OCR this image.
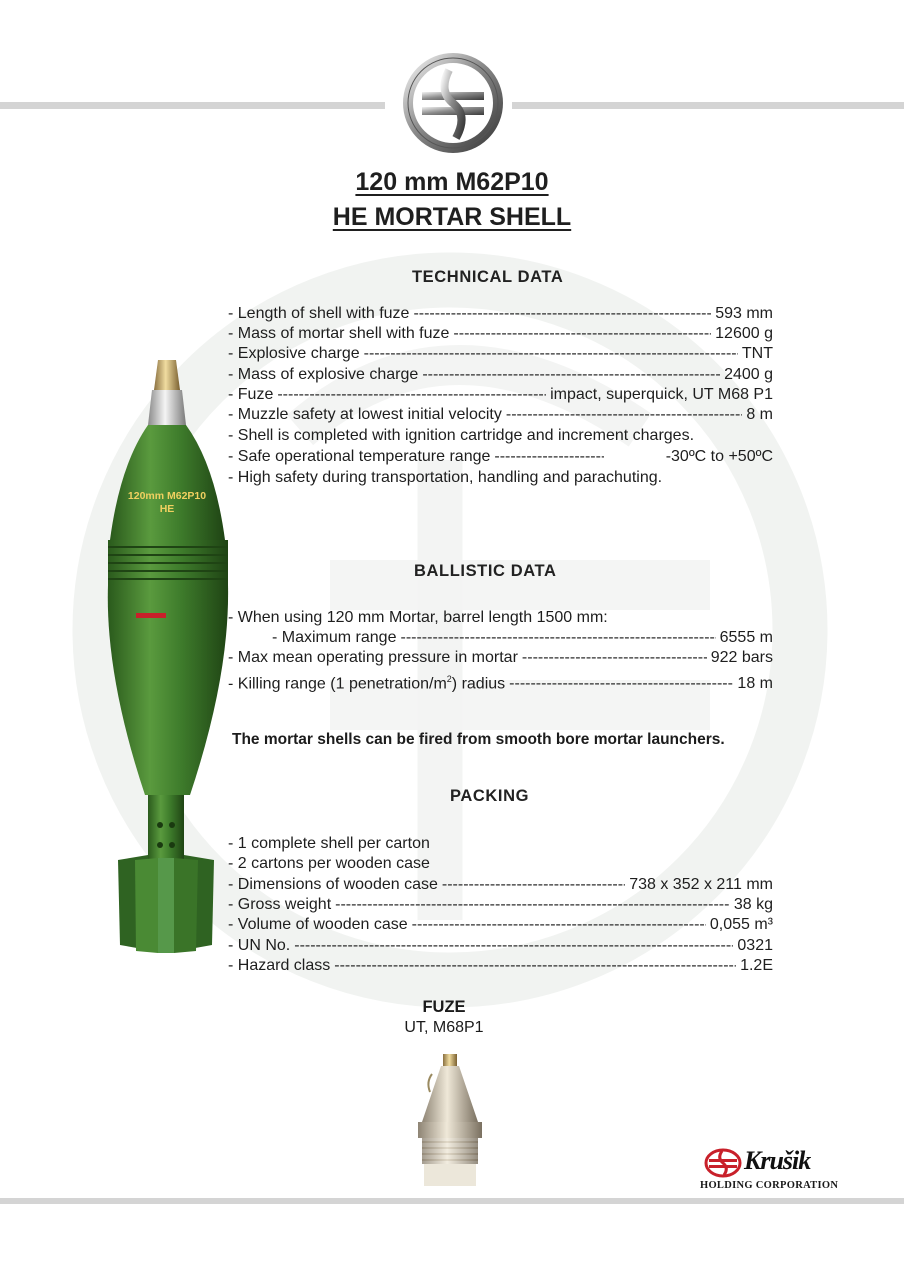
120 mm M62P10
HE MORTAR SHELL
120mm M62P10
HE
TECHNICAL DATA
- Length of shell with fuze -----	593 mm
- Mass of mortar shell with fuze -----	12600 g
- Explosive charge -----	TNT
- Mass of explosive charge -----	2400 g
- Fuze -----	impact, superquick, UT M68 P1
- Muzzle safety at lowest initial velocity -----	8 m
- Shell is completed with ignition cartridge and increment charges.
- Safe operational temperature range -----	-30ºC to +50ºC
- High safety during transportation, handling and parachuting.
BALLISTIC DATA
- When using 120 mm Mortar, barrel length 1500 mm:
- Maximum range -----	6555 m
- Max mean operating pressure in mortar -----	922 bars
- Killing range (1 penetration/$m^2$) radius -----	18 m
The mortar shells can be fired from smooth bore mortar launchers.
PACKING
- 1 complete shell per carton
- 2 cartons per wooden case
- Dimensions of wooden case -----	738 x 352 x 211 mm
- Gross weight -----	38 kg
- Volume of wooden case -----	0,055 m³
- UN No. -----	0321
- Hazard class -----	1.2E
FUZE
UT, M68P1
Krušik
HOLDING CORPORATION
